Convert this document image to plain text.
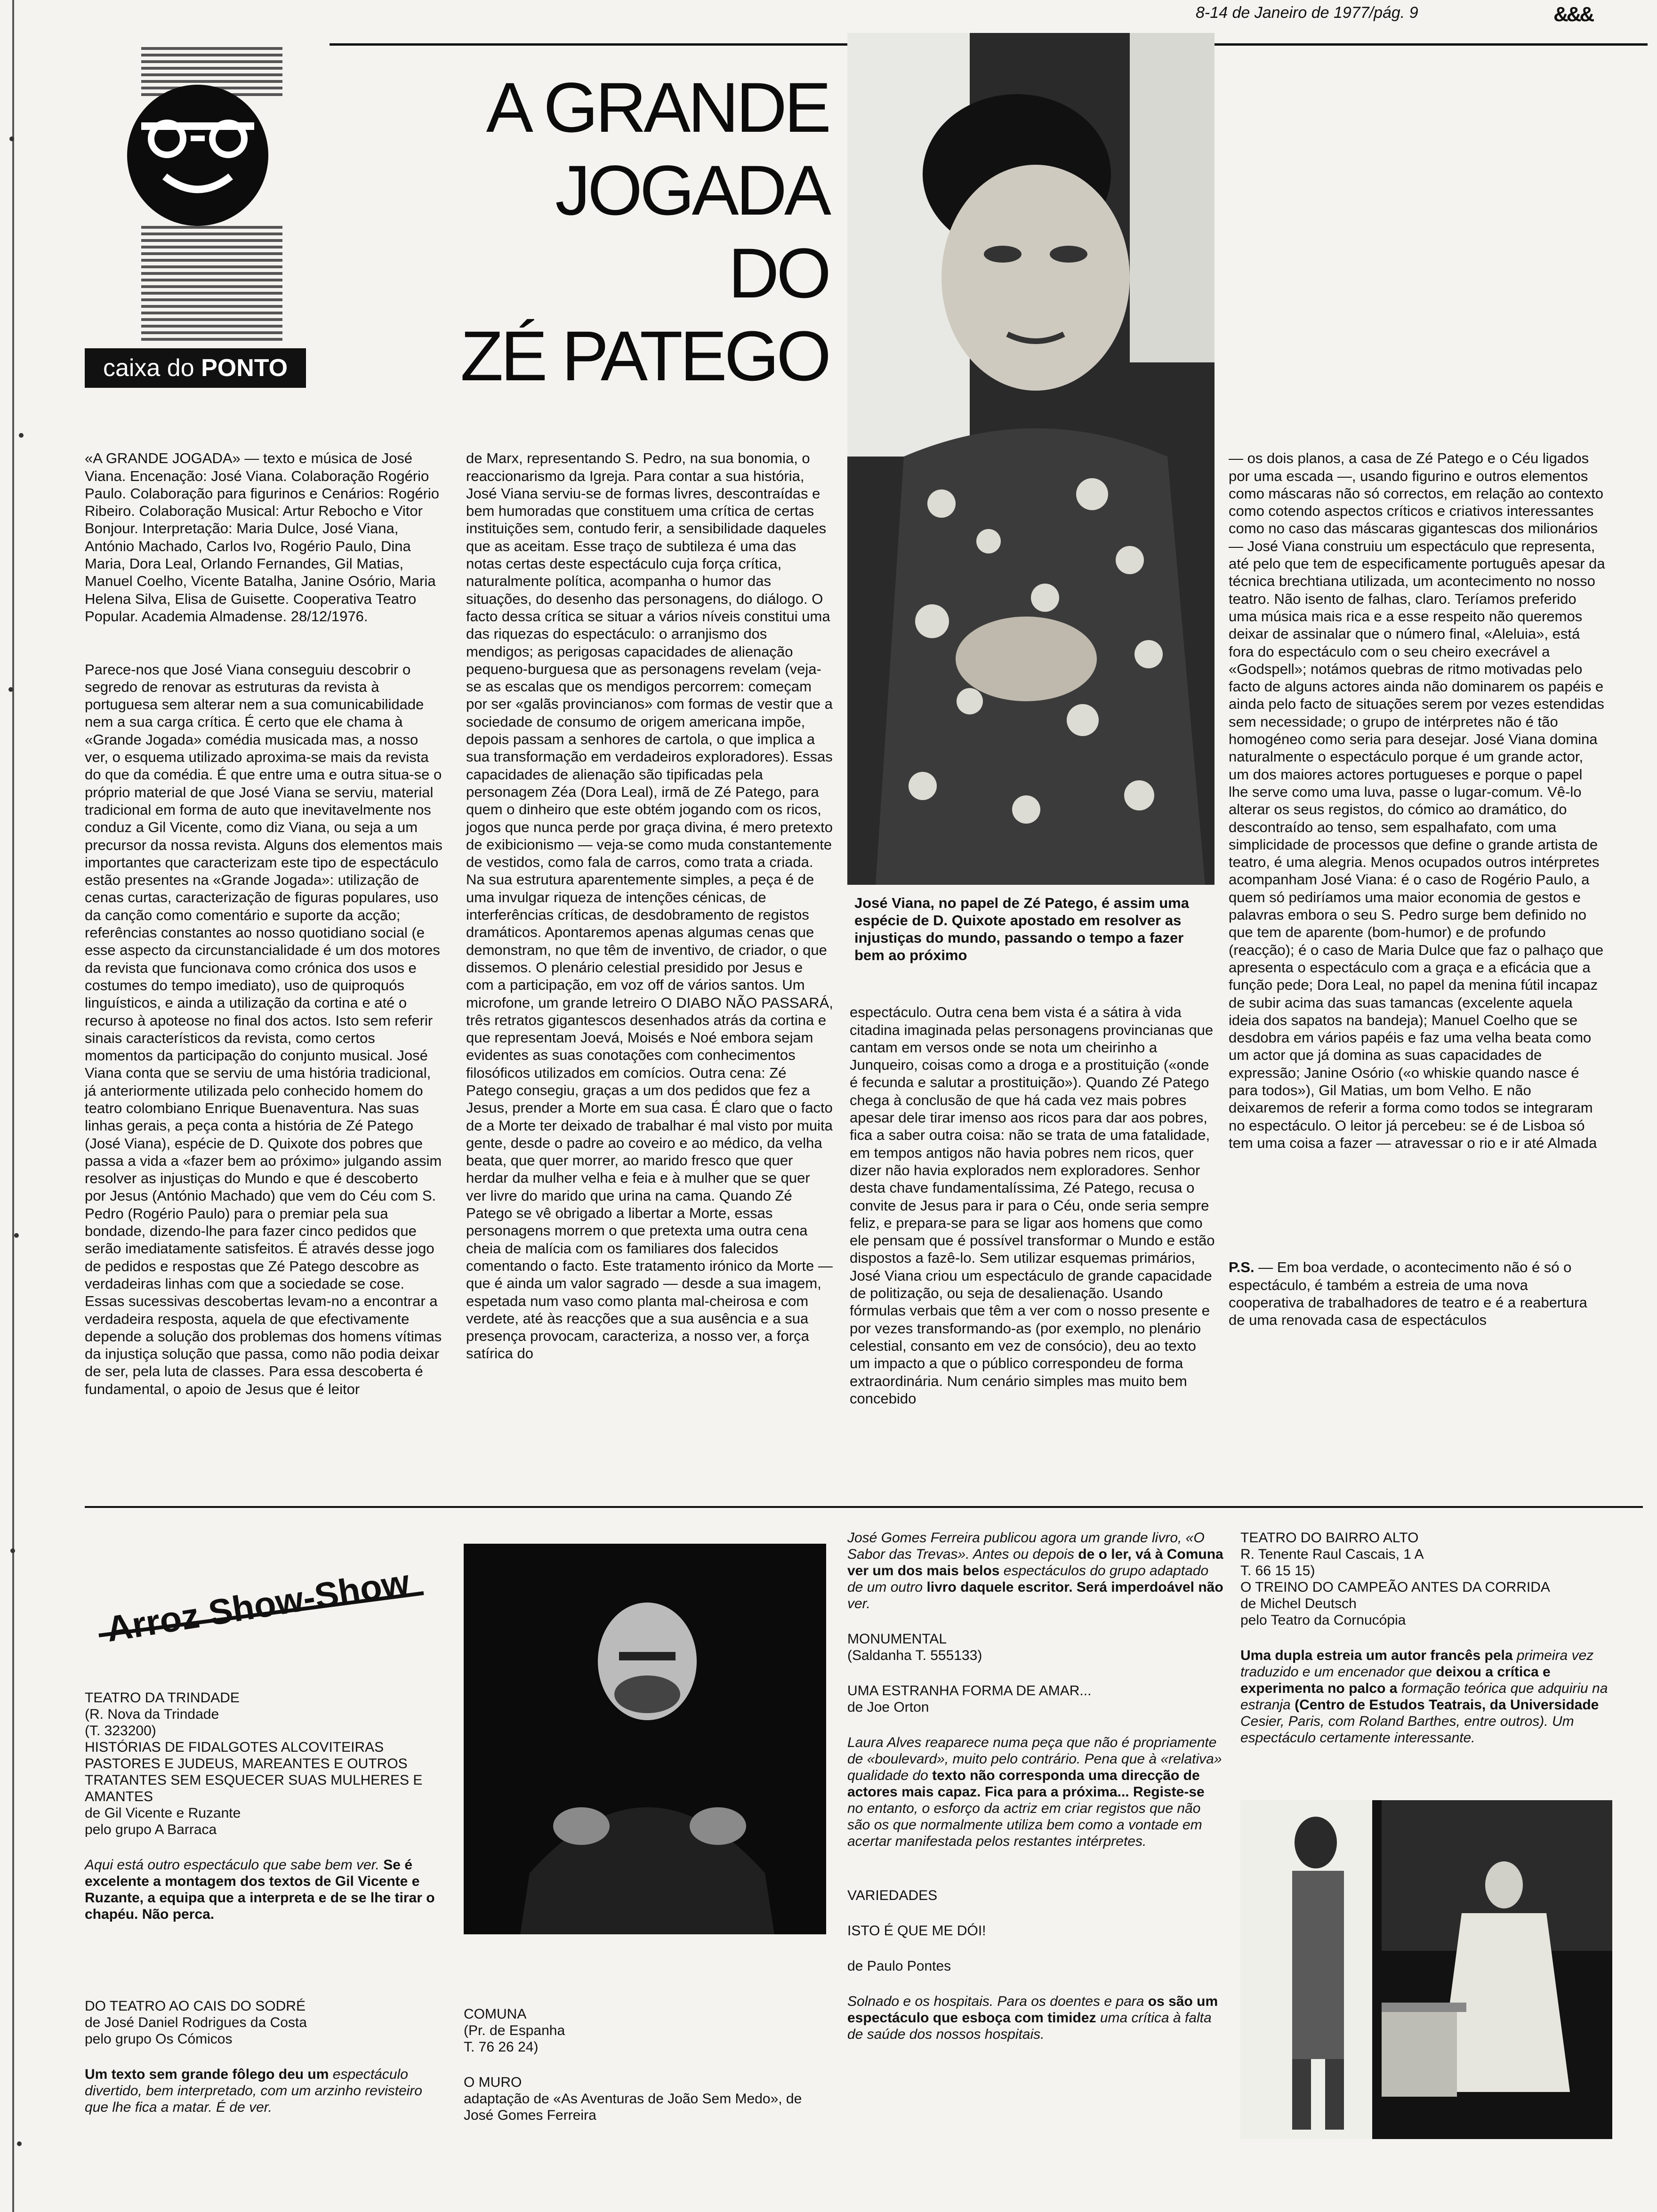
8-14 de Janeiro de 1977/pág. 9	&&&
caixa do PONTO
A GRANDE
JOGADA
DO
ZÉ PATEGO

«A GRANDE JOGADA» — texto e música de José Viana. Encenação: José Viana. Colaboração Rogério Paulo. Colaboração para figurinos e Cenários: Rogério Ribeiro. Colaboração Musical: Artur Rebocho e Vitor Bonjour. Interpretação: Maria Dulce, José Viana, António Machado, Carlos Ivo, Rogério Paulo, Dina Maria, Dora Leal, Orlando Fernandes, Gil Matias, Manuel Coelho, Vicente Batalha, Janine Osório, Maria Helena Silva, Elisa de Guisette. Cooperativa Teatro Popular. Academia Almadense. 28/12/1976.

Parece-nos que José Viana conseguiu descobrir o segredo de renovar as estruturas da revista à portuguesa sem alterar nem a sua comunicabilidade nem a sua carga crítica. É certo que ele chama à «Grande Jogada» comédia musicada mas, a nosso ver, o esquema utilizado aproxima-se mais da revista do que da comédia. É que entre uma e outra situa-se o próprio material de que José Viana se serviu, material tradicional em forma de auto que inevitavelmente nos conduz a Gil Vicente, como diz Viana, ou seja a um precursor da nossa revista. Alguns dos elementos mais importantes que caracterizam este tipo de espectáculo estão presentes na «Grande Jogada»: utilização de cenas curtas, caracterização de figuras populares, uso da canção como comentário e suporte da acção; referências constantes ao nosso quotidiano social (e esse aspecto da circunstancialidade é um dos motores da revista que funcionava como crónica dos usos e costumes do tempo imediato), uso de quiproquós linguísticos, e ainda a utilização da cortina e até o recurso à apoteose no final dos actos. Isto sem referir sinais característicos da revista, como certos momentos da participação do conjunto musical. José Viana conta que se serviu de uma história tradicional, já anteriormente utilizada pelo conhecido homem do teatro colombiano Enrique Buenaventura. Nas suas linhas gerais, a peça conta a história de Zé Patego (José Viana), espécie de D. Quixote dos pobres que passa a vida a «fazer bem ao próximo» julgando assim resolver as injustiças do Mundo e que é descoberto por Jesus (António Machado) que vem do Céu com S. Pedro (Rogério Paulo) para o premiar pela sua bondade, dizendo-lhe para fazer cinco pedidos que serão imediatamente satisfeitos. É através desse jogo de pedidos e respostas que Zé Patego descobre as verdadeiras linhas com que a sociedade se cose. Essas sucessivas descobertas levam-no a encontrar a verdadeira resposta, aquela de que efectivamente depende a solução dos problemas dos homens vítimas da injustiça solução que passa, como não podia deixar de ser, pela luta de classes. Para essa descoberta é fundamental, o apoio de Jesus que é leitor

de Marx, representando S. Pedro, na sua bonomia, o reaccionarismo da Igreja. Para contar a sua história, José Viana serviu-se de formas livres, descontraídas e bem humoradas que constituem uma crítica de certas instituições sem, contudo ferir, a sensibilidade daqueles que as aceitam. Esse traço de subtileza é uma das notas certas deste espectáculo cuja força crítica, naturalmente política, acompanha o humor das situações, do desenho das personagens, do diálogo. O facto dessa crítica se situar a vários níveis constitui uma das riquezas do espectáculo: o arranjismo dos mendigos; as perigosas capacidades de alienação pequeno-burguesa que as personagens revelam (veja-se as escalas que os mendigos percorrem: começam por ser «galãs provincianos» com formas de vestir que a sociedade de consumo de origem americana impõe, depois passam a senhores de cartola, o que implica a sua transformação em verdadeiros exploradores). Essas capacidades de alienação são tipificadas pela personagem Zéa (Dora Leal), irmã de Zé Patego, para quem o dinheiro que este obtém jogando com os ricos, jogos que nunca perde por graça divina, é mero pretexto de exibicionismo — veja-se como muda constantemente de vestidos, como fala de carros, como trata a criada. Na sua estrutura aparentemente simples, a peça é de uma invulgar riqueza de intenções cénicas, de interferências críticas, de desdobramento de registos dramáticos. Apontaremos apenas algumas cenas que demonstram, no que têm de inventivo, de criador, o que dissemos. O plenário celestial presidido por Jesus e com a participação, em voz off de vários santos. Um microfone, um grande letreiro O DIABO NÃO PASSARÁ, três retratos gigantescos desenhados atrás da cortina e que representam Joevá, Moisés e Noé embora sejam evidentes as suas conotações com conhecimentos filosóficos utilizados em comícios. Outra cena: Zé Patego consegiu, graças a um dos pedidos que fez a Jesus, prender a Morte em sua casa. É claro que o facto de a Morte ter deixado de trabalhar é mal visto por muita gente, desde o padre ao coveiro e ao médico, da velha beata, que quer morrer, ao marido fresco que quer herdar da mulher velha e feia e à mulher que se quer ver livre do marido que urina na cama. Quando Zé Patego se vê obrigado a libertar a Morte, essas personagens morrem o que pretexta uma outra cena cheia de malícia com os familiares dos falecidos comentando o facto. Este tratamento irónico da Morte — que é ainda um valor sagrado — desde a sua imagem, espetada num vaso como planta mal-cheirosa e com verdete, até às reacções que a sua ausência e a sua presença provocam, caracteriza, a nosso ver, a força satírica do

José Viana, no papel de Zé Patego, é assim uma espécie de D. Quixote apostado em resolver as injustiças do mundo, passando o tempo a fazer bem ao próximo

espectáculo. Outra cena bem vista é a sátira à vida citadina imaginada pelas personagens provincianas que cantam em versos onde se nota um cheirinho a Junqueiro, coisas como a droga e a prostituição («onde é fecunda e salutar a prostituição»). Quando Zé Patego chega à conclusão de que há cada vez mais pobres apesar dele tirar imenso aos ricos para dar aos pobres, fica a saber outra coisa: não se trata de uma fatalidade, em tempos antigos não havia pobres nem ricos, quer dizer não havia explorados nem exploradores. Senhor desta chave fundamentalíssima, Zé Patego, recusa o convite de Jesus para ir para o Céu, onde seria sempre feliz, e prepara-se para se ligar aos homens que como ele pensam que é possível transformar o Mundo e estão dispostos a fazê-lo. Sem utilizar esquemas primários, José Viana criou um espectáculo de grande capacidade de politização, ou seja de desalienação. Usando fórmulas verbais que têm a ver com o nosso presente e por vezes transformando-as (por exemplo, no plenário celestial, consanto em vez de consócio), deu ao texto um impacto a que o público correspondeu de forma extraordinária. Num cenário simples mas muito bem concebido

— os dois planos, a casa de Zé Patego e o Céu ligados por uma escada —, usando figurino e outros elementos como máscaras não só correctos, em relação ao contexto como cotendo aspectos críticos e criativos interessantes como no caso das máscaras gigantescas dos milionários — José Viana construiu um espectáculo que representa, até pelo que tem de especificamente português apesar da técnica brechtiana utilizada, um acontecimento no nosso teatro. Não isento de falhas, claro. Teríamos preferido uma música mais rica e a esse respeito não queremos deixar de assinalar que o número final, «Aleluia», está fora do espectáculo com o seu cheiro execrável a «Godspell»; notámos quebras de ritmo motivadas pelo facto de alguns actores ainda não dominarem os papéis e ainda pelo facto de situações serem por vezes estendidas sem necessidade; o grupo de intérpretes não é tão homogéneo como seria para desejar. José Viana domina naturalmente o espectáculo porque é um grande actor, um dos maiores actores portugueses e porque o papel lhe serve como uma luva, passe o lugar-comum. Vê-lo alterar os seus registos, do cómico ao dramático, do descontraído ao tenso, sem espalhafato, com uma simplicidade de processos que define o grande artista de teatro, é uma alegria. Menos ocupados outros intérpretes acompanham José Viana: é o caso de Rogério Paulo, a quem só pediríamos uma maior economia de gestos e palavras embora o seu S. Pedro surge bem definido no que tem de aparente (bom-humor) e de profundo (reacção); é o caso de Maria Dulce que faz o palhaço que apresenta o espectáculo com a graça e a eficácia que a função pede; Dora Leal, no papel da menina fútil incapaz de subir acima das suas tamancas (excelente aquela ideia dos sapatos na bandeja); Manuel Coelho que se desdobra em vários papéis e faz uma velha beata como um actor que já domina as suas capacidades de expressão; Janine Osório («o whiskie quando nasce é para todos»), Gil Matias, um bom Velho. E não deixaremos de referir a forma como todos se integraram no espectáculo. O leitor já percebeu: se é de Lisboa só tem uma coisa a fazer — atravessar o rio e ir até Almada

P.S. — Em boa verdade, o acontecimento não é só o espectáculo, é também a estreia de uma nova cooperativa de trabalhadores de teatro e é a reabertura de uma renovada casa de espectáculos

Arroz Show-Show
TEATRO DA TRINDADE
(R. Nova da Trindade
(T. 323200)
HISTÓRIAS DE FIDALGOTES ALCOVITEIRAS PASTORES E JUDEUS, MAREANTES E OUTROS TRATANTES SEM ESQUECER SUAS MULHERES E AMANTES
de Gil Vicente e Ruzante
pelo grupo A Barraca
Aqui está outro espectáculo que sabe bem ver. Se é excelente a montagem dos textos de Gil Vicente e Ruzante, a equipa que a interpreta e de se lhe tirar o chapéu. Não perca.
DO TEATRO AO CAIS DO SODRÉ
de José Daniel Rodrigues da Costa
pelo grupo Os Cómicos
Um texto sem grande fôlego deu um espectáculo divertido, bem interpretado, com um arzinho revisteiro que lhe fica a matar. É de ver.
COMUNA
(Pr. de Espanha
T. 76 26 24)
O MURO
adaptação de «As Aventuras de João Sem Medo», de José Gomes Ferreira
José Gomes Ferreira publicou agora um grande livro, «O Sabor das Trevas». Antes ou depois de o ler, vá à Comuna ver um dos mais belos espectáculos do grupo adaptado de um outro livro daquele escritor. Será imperdoável não ver.
MONUMENTAL
(Saldanha T. 555133)
UMA ESTRANHA FORMA DE AMAR...
de Joe Orton
Laura Alves reaparece numa peça que não é propriamente de «boulevard», muito pelo contrário. Pena que à «relativa» qualidade do texto não corresponda uma direcção de actores mais capaz. Fica para a próxima... Registe-se no entanto, o esforço da actriz em criar registos que não são os que normalmente utiliza bem como a vontade em acertar manifestada pelos restantes intérpretes.
VARIEDADES
ISTO É QUE ME DÓI!
de Paulo Pontes
Solnado e os hospitais. Para os doentes e para os são um espectáculo que esboça com timidez uma crítica à falta de saúde dos nossos hospitais.
TEATRO DO BAIRRO ALTO
R. Tenente Raul Cascais, 1 A
T. 66 15 15)
O TREINO DO CAMPEÃO ANTES DA CORRIDA
de Michel Deutsch
pelo Teatro da Cornucópia
Uma dupla estreia um autor francês pela primeira vez traduzido e um encenador que deixou a crítica e experimenta no palco a formação teórica que adquiriu na estranja (Centro de Estudos Teatrais, da Universidade Cesier, Paris, com Roland Barthes, entre outros). Um espectáculo certamente interessante.
